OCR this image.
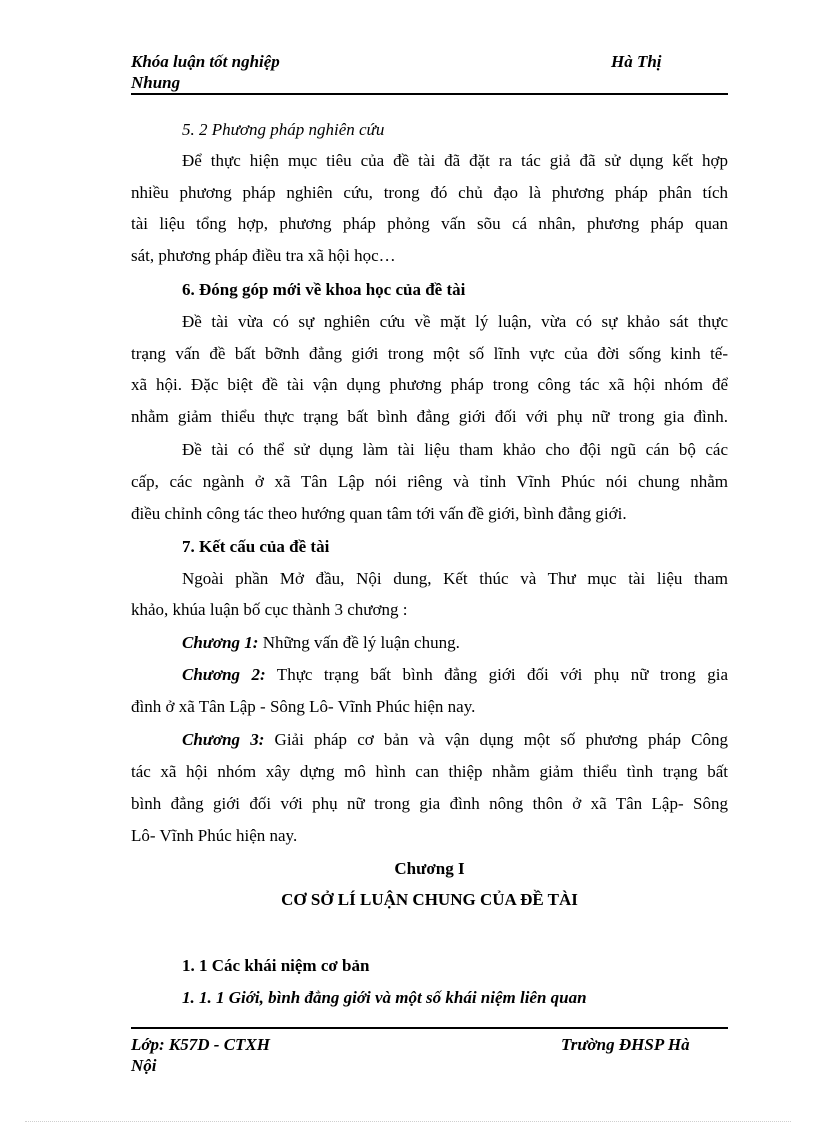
Khóa luận tốt nghiệp	Hà Thị
Nhung
5. 2 Phương pháp nghiên cứu
Để thực hiện mục tiêu của đề tài đã đặt ra tác giả đã sử dụng kết hợp
nhiều phương pháp nghiên cứu, trong đó chủ đạo là phương pháp phân tích
tài liệu tổng hợp, phương pháp phỏng vấn sõu cá nhân, phương pháp quan
sát, phương pháp điều tra xã hội học…
6. Đóng góp mới về khoa học của đề tài
Đề tài vừa có sự nghiên cứu về mặt lý luận, vừa có sự khảo sát thực
trạng vấn đề bất bỡnh đẳng giới trong một số lĩnh vực của đời sống kinh tế-
xã hội. Đặc biệt đề tài vận dụng phương pháp trong công tác xã hội nhóm để
nhằm giảm thiểu thực trạng bất bình đẳng giới đối với phụ nữ trong gia đình.
Đề tài có thể sử dụng làm tài liệu tham khảo cho đội ngũ cán bộ các
cấp, các ngành ở xã Tân Lập nói riêng và tỉnh Vĩnh Phúc nói chung nhằm
điều chỉnh công tác theo hướng quan tâm tới vấn đề giới, bình đẳng giới.
7. Kết cấu của đề tài
Ngoài phần Mở đầu, Nội dung, Kết thúc và Thư mục tài liệu tham
khảo, khúa luận bố cục thành 3 chương :
Chương 1: Những vấn đề lý luận chung.
Chương 2: Thực trạng bất bình đẳng giới đối với phụ nữ trong gia
đình ở xã Tân Lập - Sông Lô- Vĩnh Phúc hiện nay.
Chương 3: Giải pháp cơ bản và vận dụng một số phương pháp Công
tác xã hội nhóm xây dựng mô hình can thiệp nhằm giảm thiểu tình trạng bất
bình đẳng giới đối với phụ nữ trong gia đình nông thôn ở xã Tân Lập- Sông
Lô- Vĩnh Phúc hiện nay.
Chương I
CƠ SỞ LÍ LUẬN CHUNG CỦA ĐỀ TÀI
1. 1 Các khái niệm cơ bản
1. 1. 1 Giới, bình đẳng giới và một số khái niệm liên quan
Lớp: K57D - CTXH	Trường ĐHSP Hà
Nội
